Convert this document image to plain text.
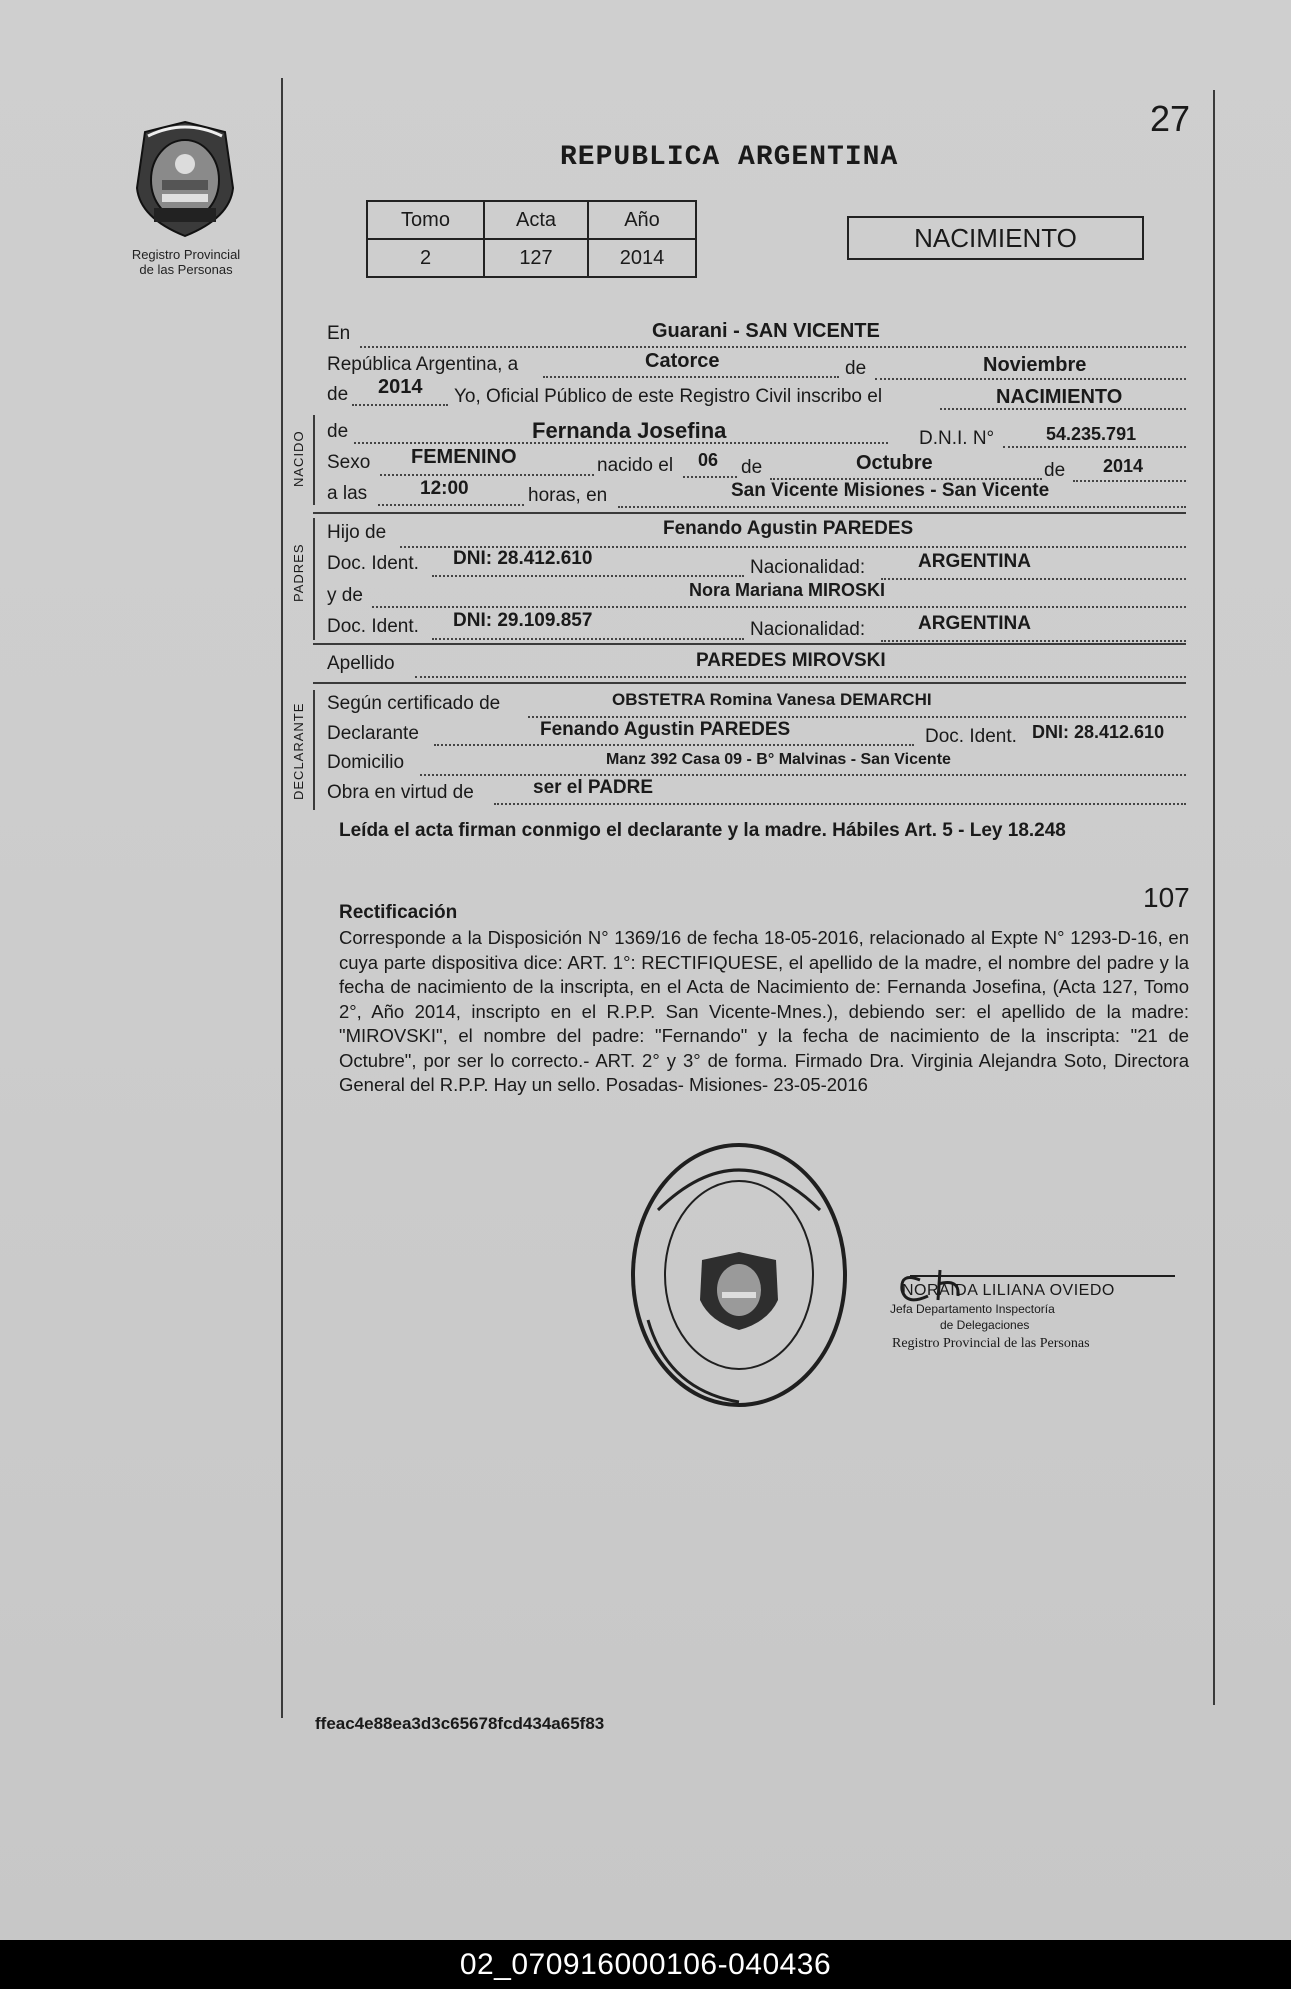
Registro Provincial
de las Personas
27
REPUBLICA ARGENTINA
Tomo	Acta	Año
2	127	2014
NACIMIENTO
En	Guarani - SAN VICENTE
República Argentina, a	Catorce	de	Noviembre
de 2014 Yo, Oficial Público de este Registro Civil inscribo el	NACIMIENTO
NACIDO de	Fernanda Josefina	D.N.I. N°	54.235.791
Sexo FEMENINO	nacido el 06 de	Octubre	de 2014
a las	12:00	horas, en	San Vicente Misiones - San Vicente
PADRES
Hijo de	Fenando Agustin PAREDES
Doc. Ident. DNI: 28.412.610	Nacionalidad:	ARGENTINA
y de	Nora Mariana MIROSKI
Doc. Ident. DNI: 29.109.857	Nacionalidad:	ARGENTINA
Apellido	PAREDES MIROVSKI
DECLARANTE Según certificado de	OBSTETRA Romina Vanesa DEMARCHI
Declarante	Fenando Agustin PAREDES	Doc. Ident. DNI: 28.412.610
Domicilio	Manz 392 Casa 09 - B° Malvinas - San Vicente
Obra en virtud de	ser el PADRE
Leída el acta firman conmigo el declarante y la madre. Hábiles Art. 5 - Ley 18.248
107
Rectificación
Corresponde a la Disposición N° 1369/16 de fecha 18-05-2016, relacionado al Expte N° 1293-D-16, en cuya parte dispositiva dice: ART. 1°: RECTIFIQUESE, el apellido de la madre, el nombre del padre y la fecha de nacimiento de la inscripta, en el Acta de Nacimiento de: Fernanda Josefina, (Acta 127, Tomo 2°, Año 2014, inscripto en el R.P.P. San Vicente-Mnes.), debiendo ser: el apellido de la madre: "MIROVSKI", el nombre del padre: "Fernando" y la fecha de nacimiento de la inscripta: "21 de Octubre", por ser lo correcto.- ART. 2° y 3° de forma. Firmado Dra. Virginia Alejandra Soto, Directora General del R.P.P. Hay un sello. Posadas- Misiones- 23-05-2016
NORAIDA LILIANA OVIEDO
Jefa Departamento Inspectoría
de Delegaciones
Registro Provincial de las Personas
ffeac4e88ea3d3c65678fcd434a65f83
02_070916000106-040436
